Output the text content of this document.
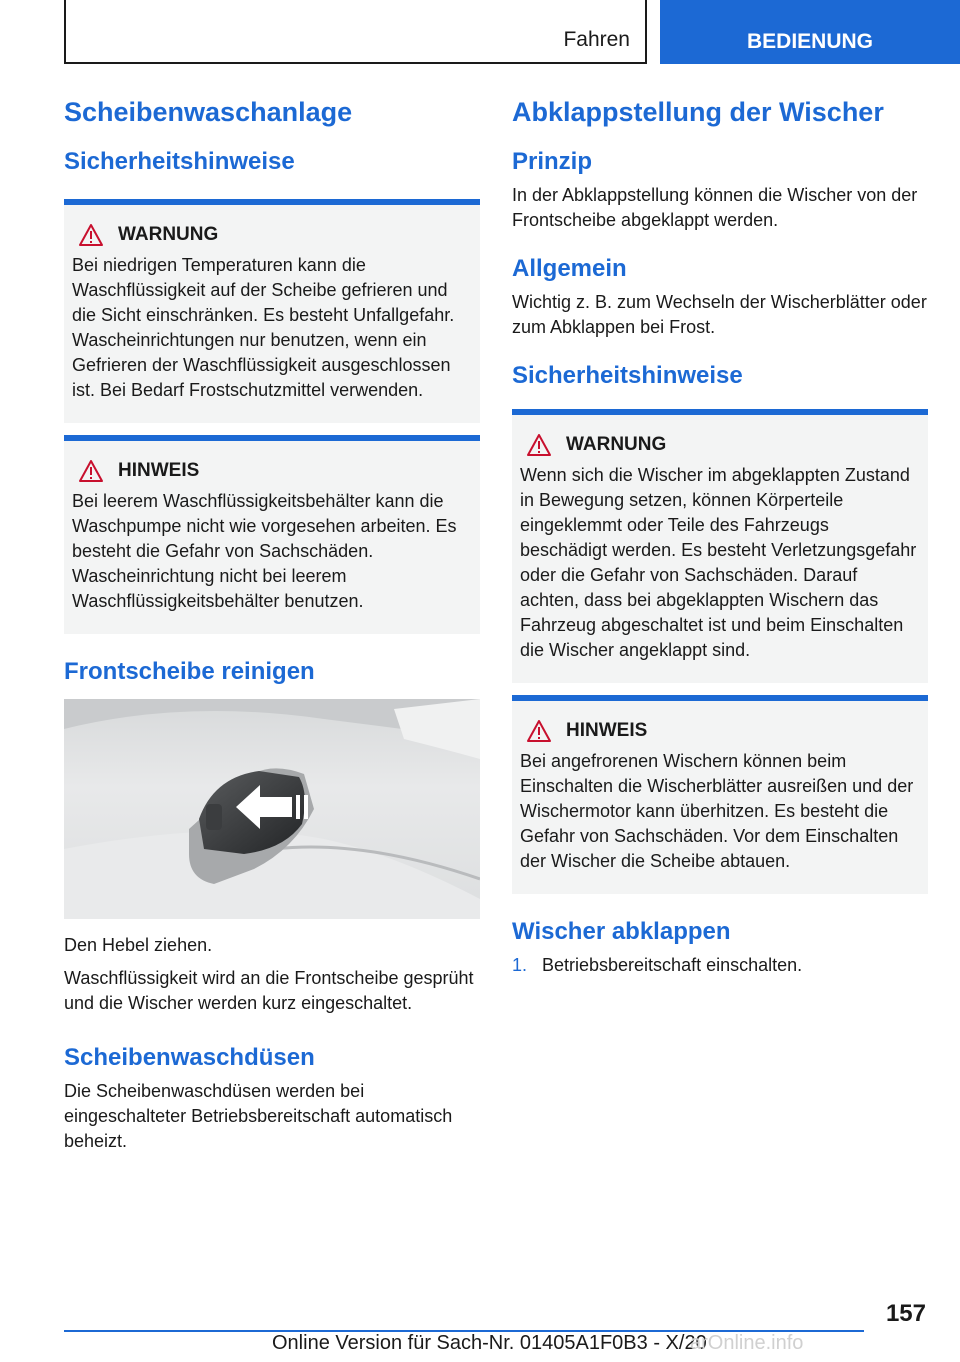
Fahren	BEDIENUNG
Scheibenwaschanlage
Sicherheitshinweise
WARNUNG

Bei niedrigen Temperaturen kann die Waschflüssigkeit auf der Scheibe gefrieren und die Sicht einschränken. Es besteht Unfallgefahr. Wascheinrichtungen nur benutzen, wenn ein Gefrieren der Waschflüssigkeit ausgeschlossen ist. Bei Bedarf Frostschutzmittel verwenden.

HINWEIS

Bei leerem Waschflüssigkeitsbehälter kann die Waschpumpe nicht wie vorgesehen arbeiten. Es besteht die Gefahr von Sachschäden. Wascheinrichtung nicht bei leerem Waschflüssigkeitsbehälter benutzen.

Frontscheibe reinigen

Den Hebel ziehen.

Waschflüssigkeit wird an die Frontscheibe gesprüht und die Wischer werden kurz eingeschaltet.

Scheibenwaschdüsen

Die Scheibenwaschdüsen werden bei eingeschalteter Betriebsbereitschaft automatisch beheizt.

Abklappstellung der Wischer
Prinzip

In der Abklappstellung können die Wischer von der Frontscheibe abgeklappt werden.

Allgemein

Wichtig z. B. zum Wechseln der Wischerblätter oder zum Abklappen bei Frost.

Sicherheitshinweise
WARNUNG

Wenn sich die Wischer im abgeklappten Zustand in Bewegung setzen, können Körperteile eingeklemmt oder Teile des Fahrzeugs beschädigt werden. Es besteht Verletzungsgefahr oder die Gefahr von Sachschäden. Darauf achten, dass bei abgeklappten Wischern das Fahrzeug abgeschaltet ist und beim Einschalten die Wischer angeklappt sind.

HINWEIS

Bei angefrorenen Wischern können beim Einschalten die Wischerblätter ausreißen und der Wischermotor kann überhitzen. Es besteht die Gefahr von Sachschäden. Vor dem Einschalten der Wischer die Scheibe abtauen.

Wischer abklappen
1. Betriebsbereitschaft einschalten.
157
Online Version für Sach-Nr. 01405A1F0B3 - X/20
arOnline.info
